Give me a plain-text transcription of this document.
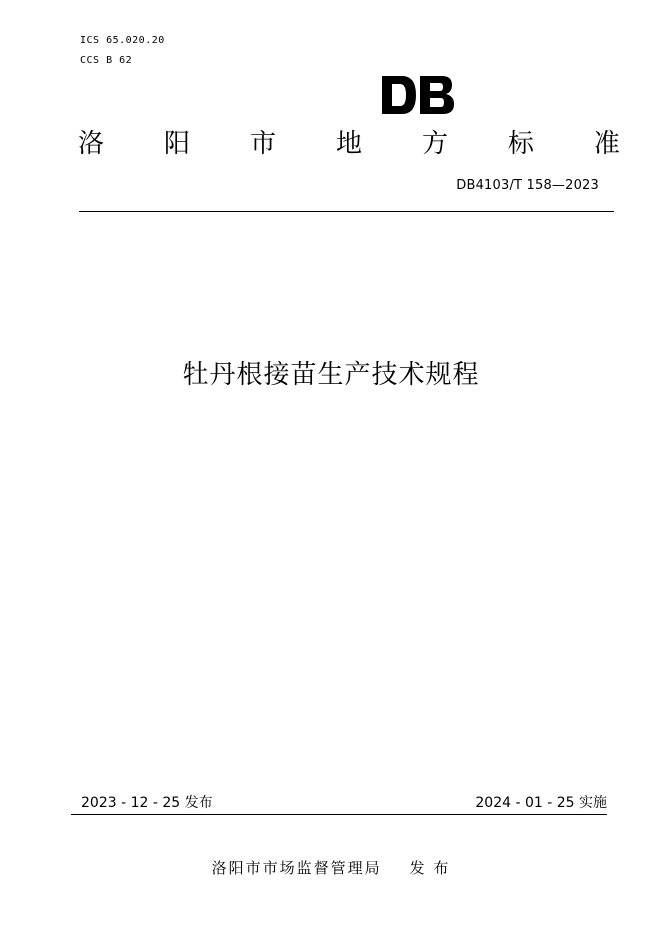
ICS 65.020.20
CCS B 62
洛 阳 市 地 方 标 准
DB4103/T 158—2023
牡丹根接苗生产技术规程
2023 - 12 - 25 发布	2024 - 01 - 25 实施
洛阳市市场监督管理局 发 布
